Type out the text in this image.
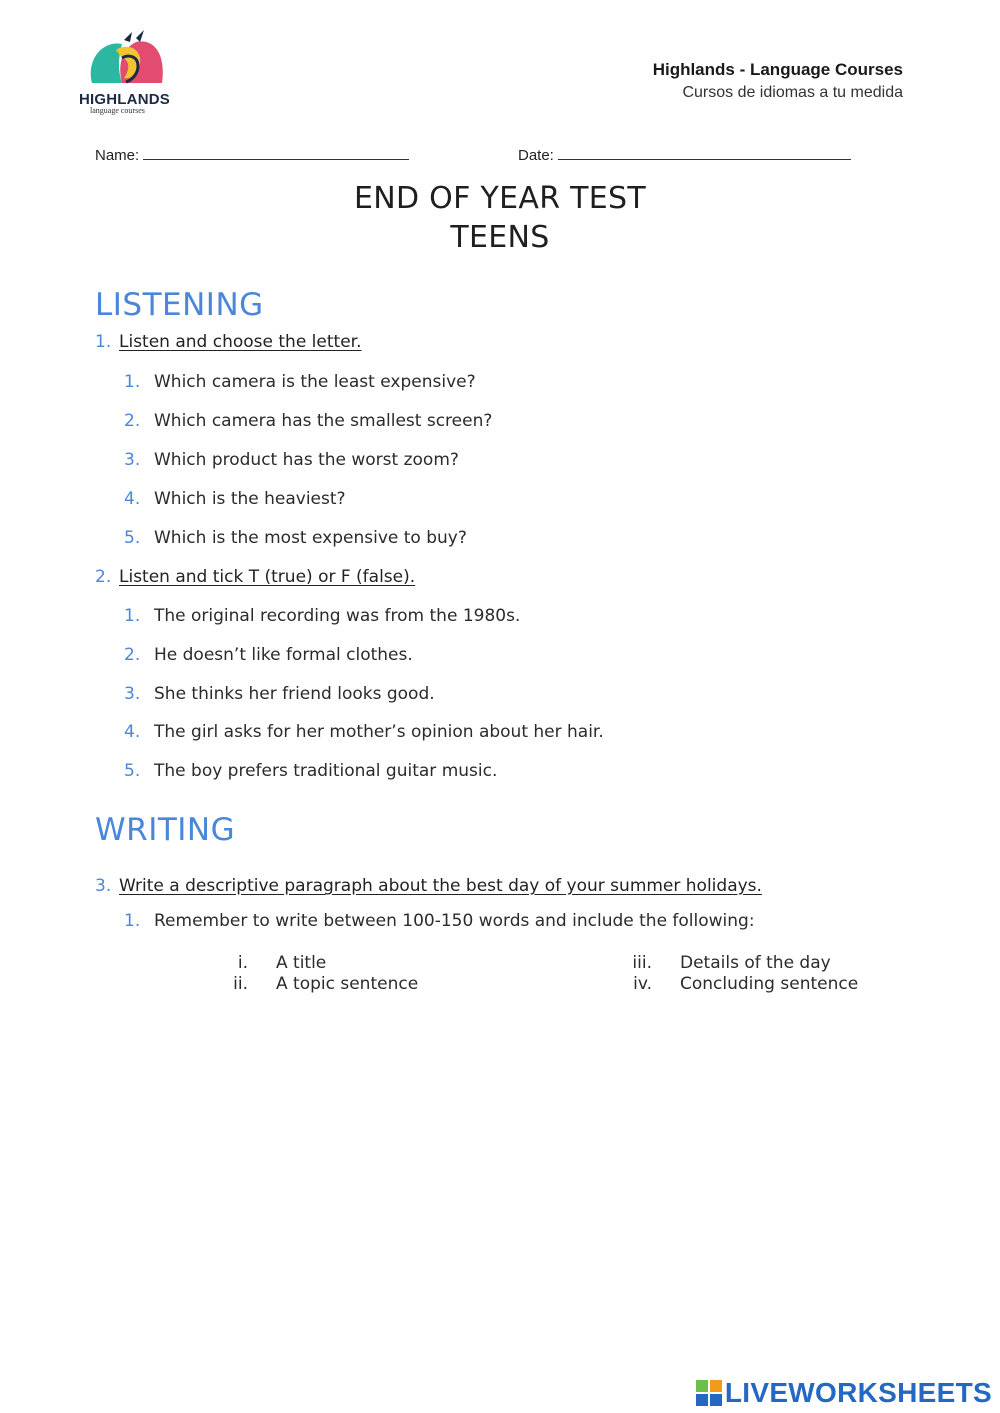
HIGHLANDS
language courses
Highlands - Language Courses
Cursos de idiomas a tu medida
Name:	Date:
END OF YEAR TEST
TEENS
LISTENING
1. Listen and choose the letter.
1. Which camera is the least expensive?
2. Which camera has the smallest screen?
3. Which product has the worst zoom?
4. Which is the heaviest?
5. Which is the most expensive to buy?
2. Listen and tick T (true) or F (false).
1. The original recording was from the 1980s.
2. He doesn’t like formal clothes.
3. She thinks her friend looks good.
4. The girl asks for her mother’s opinion about her hair.
5. The boy prefers traditional guitar music.
WRITING
3. Write a descriptive paragraph about the best day of your summer holidays.
1. Remember to write between 100-150 words and include the following:
i. A title
ii. A topic sentence
iii. Details of the day
iv. Concluding sentence
LIVEWORKSHEETS
